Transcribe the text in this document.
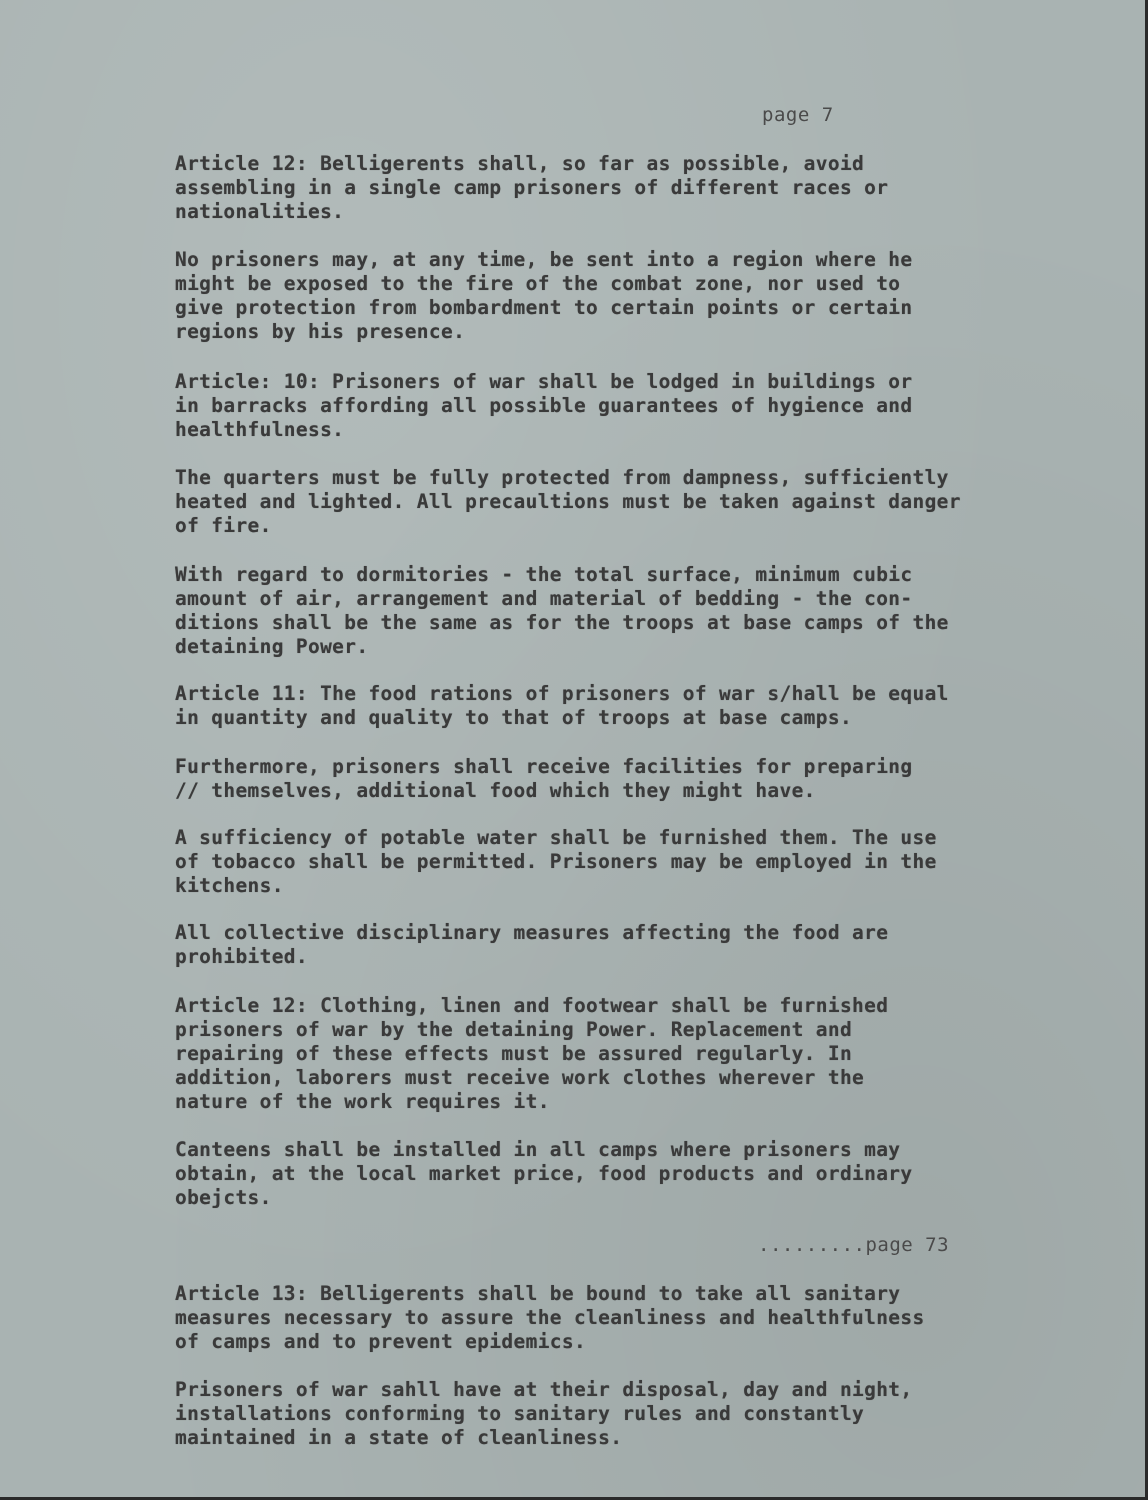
page 7

Article 12: Belligerents shall, so far as possible, avoid
assembling in a single camp prisoners of different races or
nationalities.

No prisoners may, at any time, be sent into a region where he
might be exposed to the fire of the combat zone, nor used to
give protection from bombardment to certain points or certain
regions by his presence.

Article: 10: Prisoners of war shall be lodged in buildings or
in barracks affording all possible guarantees of hygience and
healthfulness.

The quarters must be fully protected from dampness, sufficiently
heated and lighted. All precaultions must be taken against danger
of fire.

With regard to dormitories - the total surface, minimum cubic
amount of air, arrangement and material of bedding - the con-
ditions shall be the same as for the troops at base camps of the
detaining Power.

Article 11: The food rations of prisoners of war s/hall be equal
in quantity and quality to that of troops at base camps.

Furthermore, prisoners shall receive facilities for preparing
// themselves, additional food which they might have.

A sufficiency of potable water shall be furnished them. The use
of tobacco shall be permitted. Prisoners may be employed in the
kitchens.

All collective disciplinary measures affecting the food are
prohibited.

Article 12: Clothing, linen and footwear shall be furnished
prisoners of war by the detaining Power. Replacement and
repairing of these effects must be assured regularly. In
addition, laborers must receive work clothes wherever the
nature of the work requires it.

Canteens shall be installed in all camps where prisoners may
obtain, at the local market price, food products and ordinary
obejcts.

.........page 73

Article 13: Belligerents shall be bound to take all sanitary
measures necessary to assure the cleanliness and healthfulness
of camps and to prevent epidemics.

Prisoners of war sahll have at their disposal, day and night,
installations conforming to sanitary rules and constantly
maintained in a state of cleanliness.
